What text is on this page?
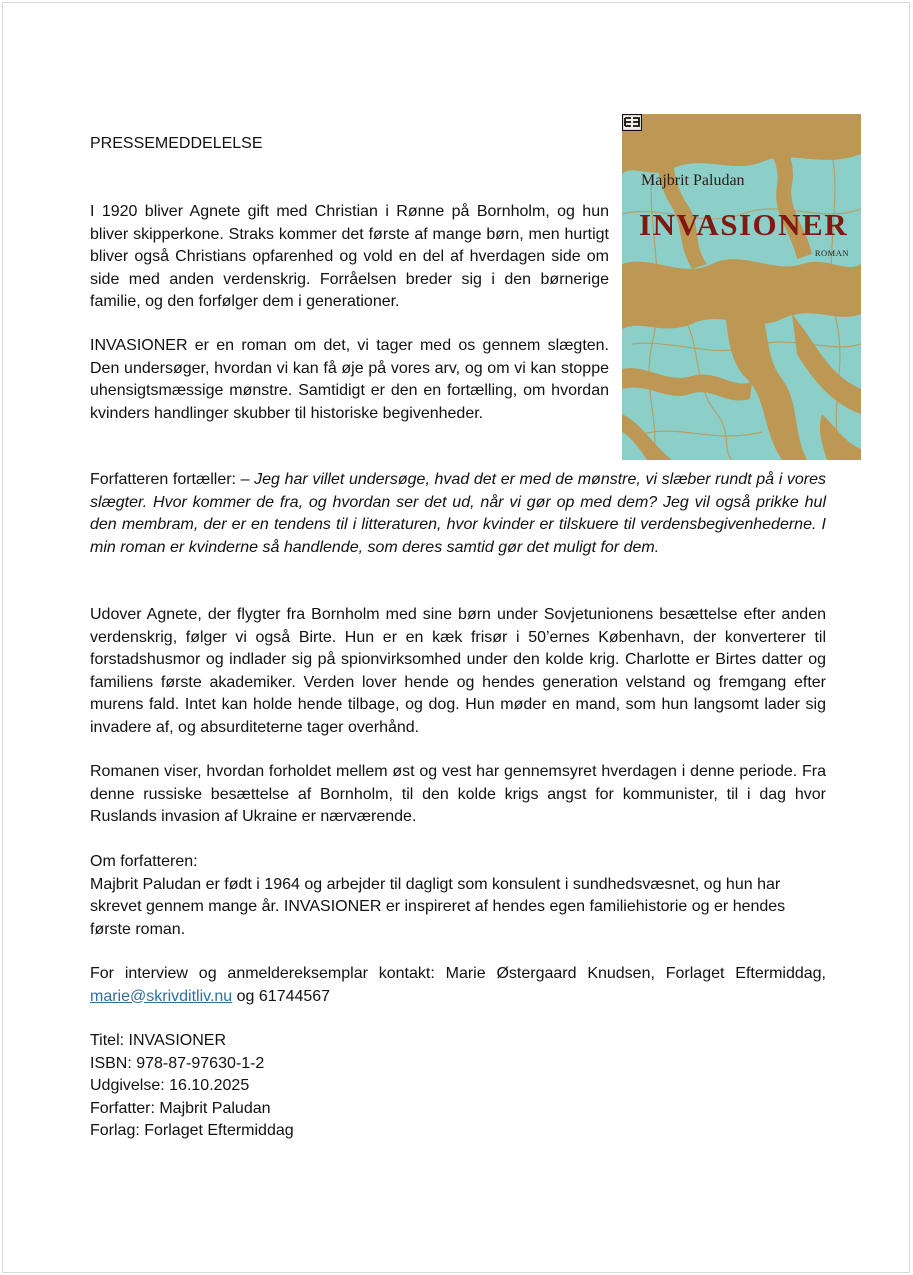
PRESSEMEDDELELSE

I 1920 bliver Agnete gift med Christian i Rønne på Bornholm, og hun bliver skipperkone. Straks kommer det første af mange børn, men hurtigt bliver også Christians opfarenhed og vold en del af hverdagen side om side med anden verdenskrig. Forråelsen breder sig i den børnerige familie, og den forfølger dem i generationer.

INVASIONER er en roman om det, vi tager med os gennem slægten. Den undersøger, hvordan vi kan få øje på vores arv, og om vi kan stoppe uhensigtsmæssige mønstre. Samtidigt er den en fortælling, om hvordan kvinders handlinger skubber til historiske begivenheder.

Forfatteren fortæller: – Jeg har villet undersøge, hvad det er med de mønstre, vi slæber rundt på i vores slægter. Hvor kommer de fra, og hvordan ser det ud, når vi gør op med dem? Jeg vil også prikke hul den membram, der er en tendens til i litteraturen, hvor kvinder er tilskuere til verdensbegivenhederne. I min roman er kvinderne så handlende, som deres samtid gør det muligt for dem.

Udover Agnete, der flygter fra Bornholm med sine børn under Sovjetunionens besættelse efter anden verdenskrig, følger vi også Birte. Hun er en kæk frisør i 50’ernes København, der konverterer til forstadshusmor og indlader sig på spionvirksomhed under den kolde krig. Charlotte er Birtes datter og familiens første akademiker. Verden lover hende og hendes generation velstand og fremgang efter murens fald. Intet kan holde hende tilbage, og dog. Hun møder en mand, som hun langsomt lader sig invadere af, og absurditeterne tager overhånd.

Romanen viser, hvordan forholdet mellem øst og vest har gennemsyret hverdagen i denne periode. Fra denne russiske besættelse af Bornholm, til den kolde krigs angst for kommunister, til i dag hvor Ruslands invasion af Ukraine er nærværende.

Om forfatteren:
Majbrit Paludan er født i 1964 og arbejder til dagligt som konsulent i sundhedsvæsnet, og hun har skrevet gennem mange år. INVASIONER er inspireret af hendes egen familiehistorie og er hendes første roman.

For interview og anmeldereksemplar kontakt: Marie Østergaard Knudsen, Forlaget Eftermiddag, marie@skrivditliv.nu og 61744567

Titel: INVASIONER
ISBN: 978-87-97630-1-2
Udgivelse: 16.10.2025
Forfatter: Majbrit Paludan
Forlag: Forlaget Eftermiddag
Majbrit Paludan
INVASIONER
ROMAN
